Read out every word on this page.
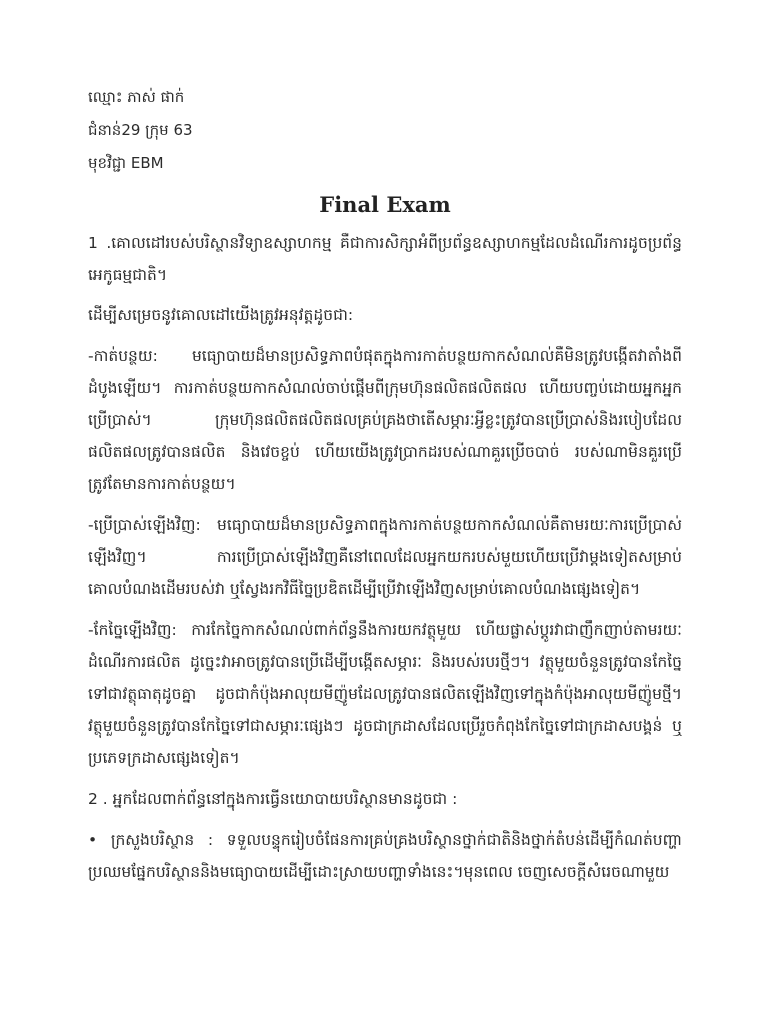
ឈ្មោះ ភាស់ ផាក់

ជំនាន់29 ក្រុម 63

មុខវិជ្ជា EBM

Final Exam

1 .គោលដៅរបស់បរិស្ថានវិទ្យាឧស្សាហកម្ម គឺជាការសិក្សាអំពីប្រព័ន្ធឧស្សាហកម្មដែលដំណើរការដូចប្រព័ន្ធអេកូធម្មជាតិ។

ដើម្បីសម្រេចនូវគោលដៅយើងត្រូវអនុវត្តដូចជា:

-កាត់បន្ថយ: មធ្យោបាយដ៏មានប្រសិទ្ធភាពបំផុតក្នុងការកាត់បន្ថយកាកសំណល់គឺមិនត្រូវបង្កើតវាតាំងពីដំបូងឡើយ។ ការកាត់បន្ថយកាកសំណល់ចាប់ផ្តើមពីក្រុមហ៊ុនផលិតផលិតផល ហើយបញ្ចប់ដោយអ្នកអ្នកប្រើប្រាស់។ ក្រុមហ៊ុនផលិតផលិតផលគ្រប់គ្រងថាតើសម្ភារៈអ្វីខ្លះត្រូវបានប្រើប្រាស់និងរបៀបដែលផលិតផលត្រូវបានផលិត និងវេចខ្ចប់ ហើយយើងត្រូវប្រាកដរបស់ណាគួរប្រើចបាច់ របស់ណាមិនគួរប្រើត្រូវតែមានការកាត់បន្ថយ។

-ប្រើប្រាស់ឡើងវិញ: មធ្យោបាយដ៏មានប្រសិទ្ធភាពក្នុងការកាត់បន្ថយកាកសំណល់គឺតាមរយៈការប្រើប្រាស់ឡើងវិញ។ ការប្រើប្រាស់ឡើងវិញគឺនៅពេលដែលអ្នកយករបស់មួយហើយប្រើវាម្តងទៀតសម្រាប់គោលបំណងដើមរបស់វា ឬស្វែងរកវិធីច្នៃប្រឌិតដើម្បីប្រើវាឡើងវិញសម្រាប់គោលបំណងផ្សេងទៀត។

-កែច្នៃឡើងវិញ: ការកែច្នៃកាកសំណល់ពាក់ព័ន្ធនឹងការយកវត្ថុមួយ ហើយផ្លាស់ប្តូរវាជាញឹកញាប់តាមរយៈដំណើរការផលិត ដូច្នេះវាអាចត្រូវបានប្រើដើម្បីបង្កើតសម្ភារៈ និងរបស់របរថ្មីៗ។ វត្ថុមួយចំនួនត្រូវបានកែច្នៃទៅជាវត្ថុធាតុដូចគ្នា ដូចជាកំប៉ុងអាលុយមីញ៉ូមដែលត្រូវបានផលិតឡើងវិញទៅក្នុងកំប៉ុងអាលុយមីញ៉ូមថ្មី។ វត្ថុមួយចំនួនត្រូវបានកែច្នៃទៅជាសម្ភារៈផ្សេងៗ ដូចជាក្រដាសដែលប្រើរួចកំពុងកែច្នៃទៅជាក្រដាសបង្គន់ ឬប្រភេទក្រដាសផ្សេងទៀត។

2 . អ្នកដែលពាក់ព័ន្ធនៅក្នុងការធ្វើនយោបាយបរិស្ថានមានដូចជា :

• ក្រសួងបរិស្ថាន : ទទួលបន្ទុករៀបចំផែនការគ្រប់គ្រងបរិស្ថានថ្នាក់ជាតិនិងថ្នាក់តំបន់ដើម្បីកំណត់បញ្ហាប្រឈមផ្នែកបរិស្ថាននិងមធ្យោបាយដើម្បីដោះស្រាយបញ្ហាទាំងនេះ។មុនពេល ចេញសេចក្តីសំរេចណាមួយ
